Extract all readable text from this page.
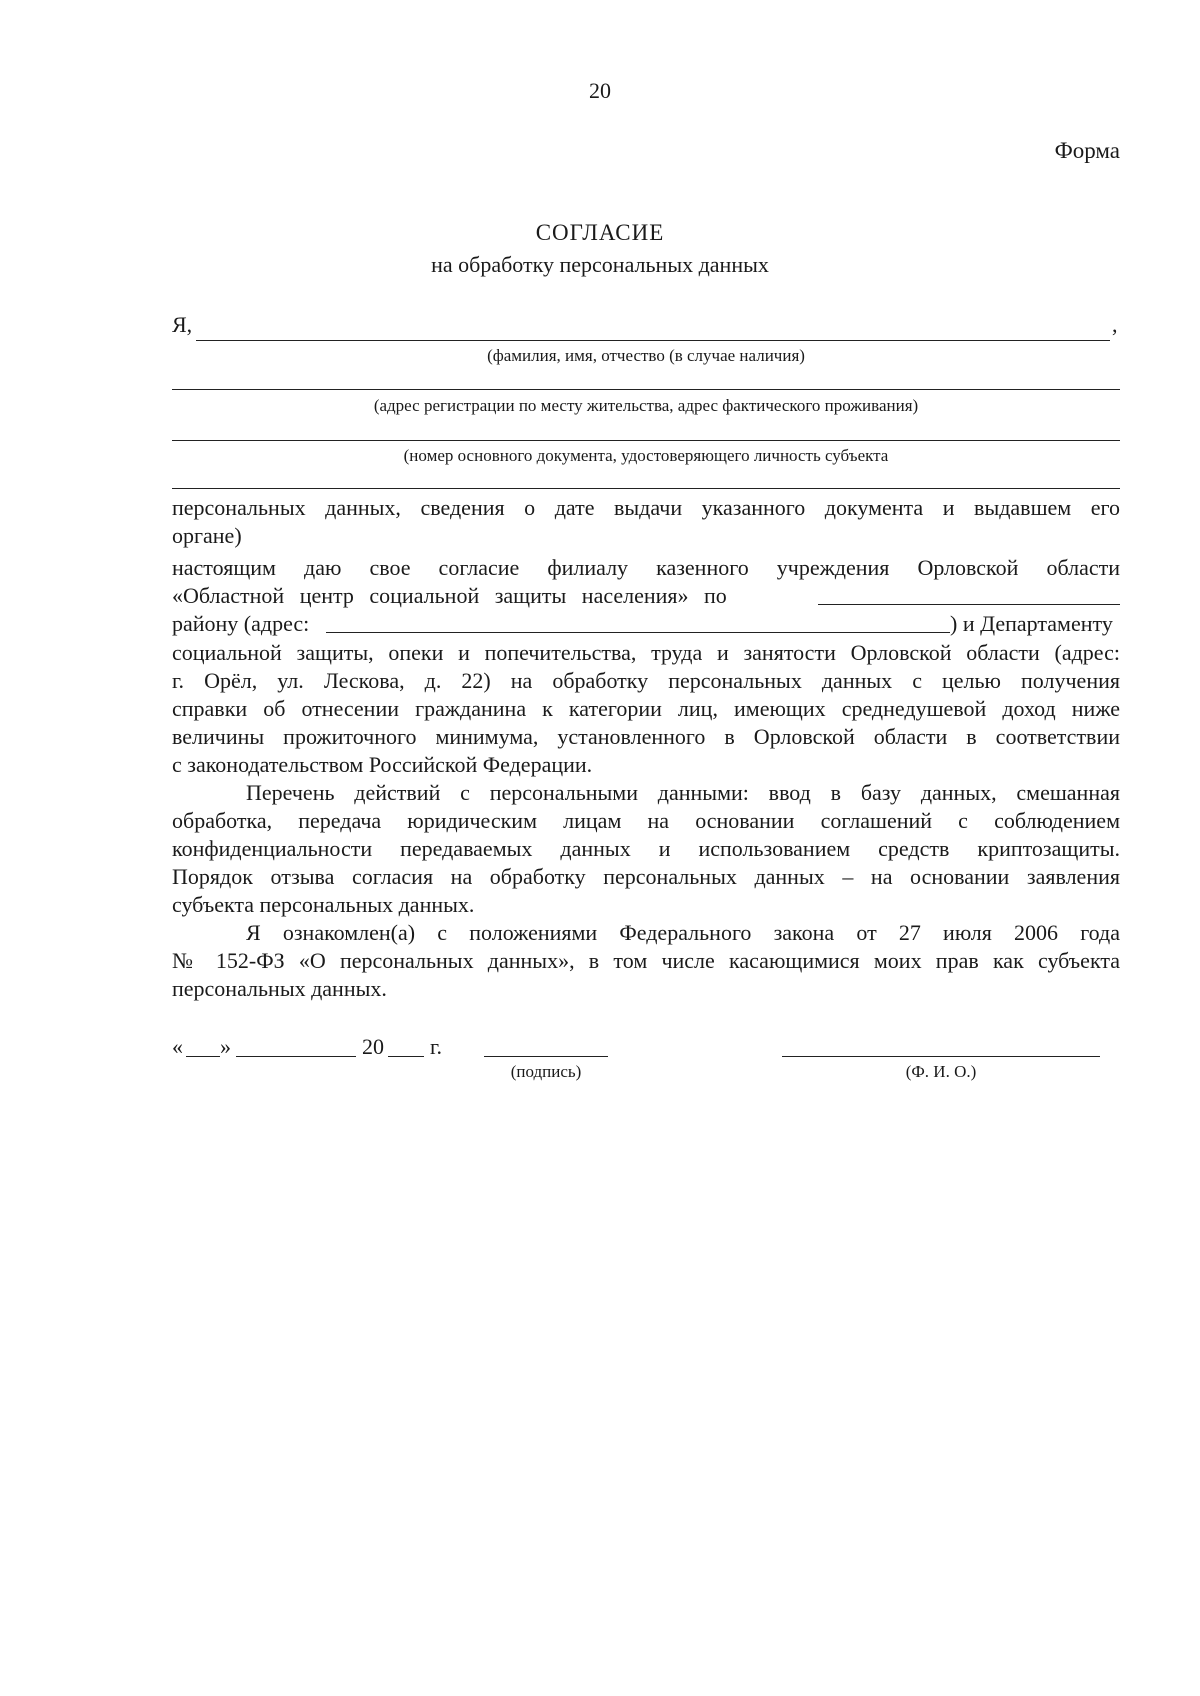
20
Форма
СОГЛАСИЕ
на обработку персональных данных
Я,	,
(фамилия, имя, отчество (в случае наличия)
(адрес регистрации по месту жительства, адрес фактического проживания)
(номер основного документа, удостоверяющего личность субъекта
персональных данных, сведения о дате выдачи указанного документа и выдавшем его
органе)
настоящим даю свое согласие филиалу казенного учреждения Орловской области
«Областной центр социальной защиты населения» по
району (адрес:	) и Департаменту
социальной защиты, опеки и попечительства, труда и занятости Орловской области (адрес:
г. Орёл, ул. Лескова, д. 22) на обработку персональных данных с целью получения
справки об отнесении гражданина к категории лиц, имеющих среднедушевой доход ниже
величины прожиточного минимума, установленного в Орловской области в соответствии
с законодательством Российской Федерации.
Перечень действий с персональными данными: ввод в базу данных, смешанная
обработка, передача юридическим лицам на основании соглашений с соблюдением
конфиденциальности передаваемых данных и использованием средств криптозащиты.
Порядок отзыва согласия на обработку персональных данных – на основании заявления
субъекта персональных данных.
Я ознакомлен(а) с положениями Федерального закона от 27 июля 2006 года
№ 152-ФЗ «О персональных данных», в том числе касающимися моих прав как субъекта
персональных данных.
« »	20 г.
(подпись)	(Ф. И. О.)
